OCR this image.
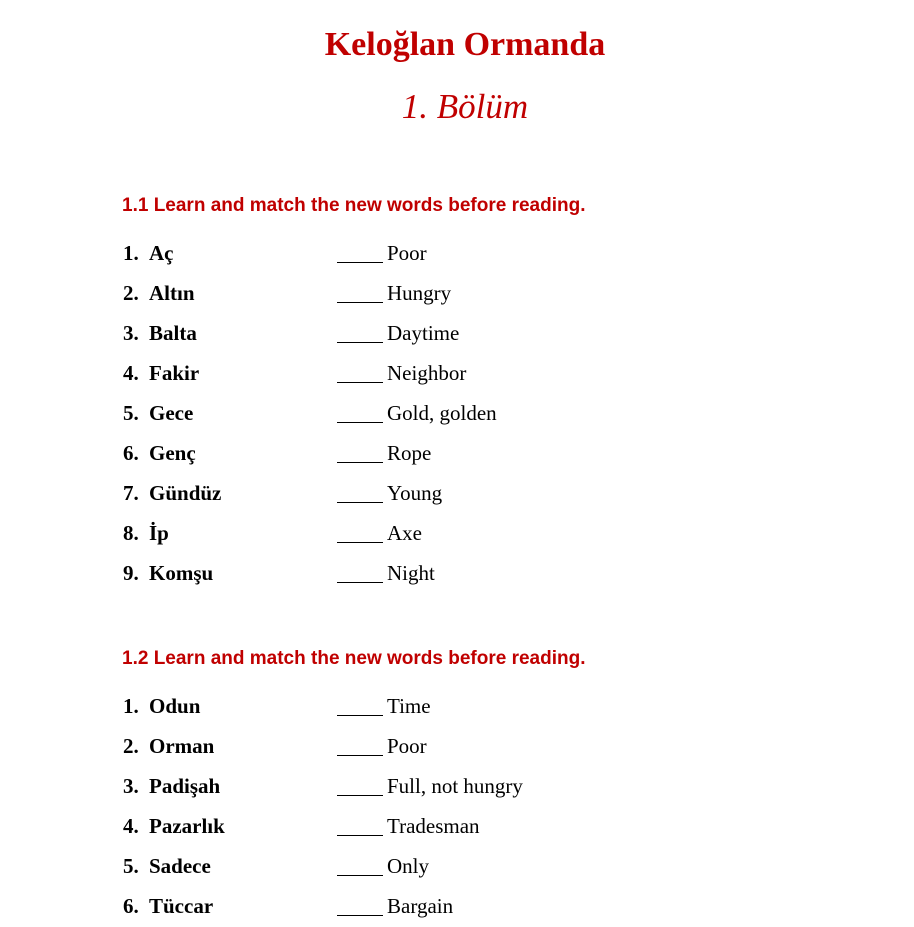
Keloğlan Ormanda
1. Bölüm
1.1 Learn and match the new words before reading.
1. Aç	Poor
2. Altın	Hungry
3. Balta	Daytime
4. Fakir	Neighbor
5. Gece	Gold, golden
6. Genç	Rope
7. Gündüz	Young
8. İp	Axe
9. Komşu	Night
1.2 Learn and match the new words before reading.
1. Odun	Time
2. Orman	Poor
3. Padişah	Full, not hungry
4. Pazarlık	Tradesman
5. Sadece	Only
6. Tüccar	Bargain
